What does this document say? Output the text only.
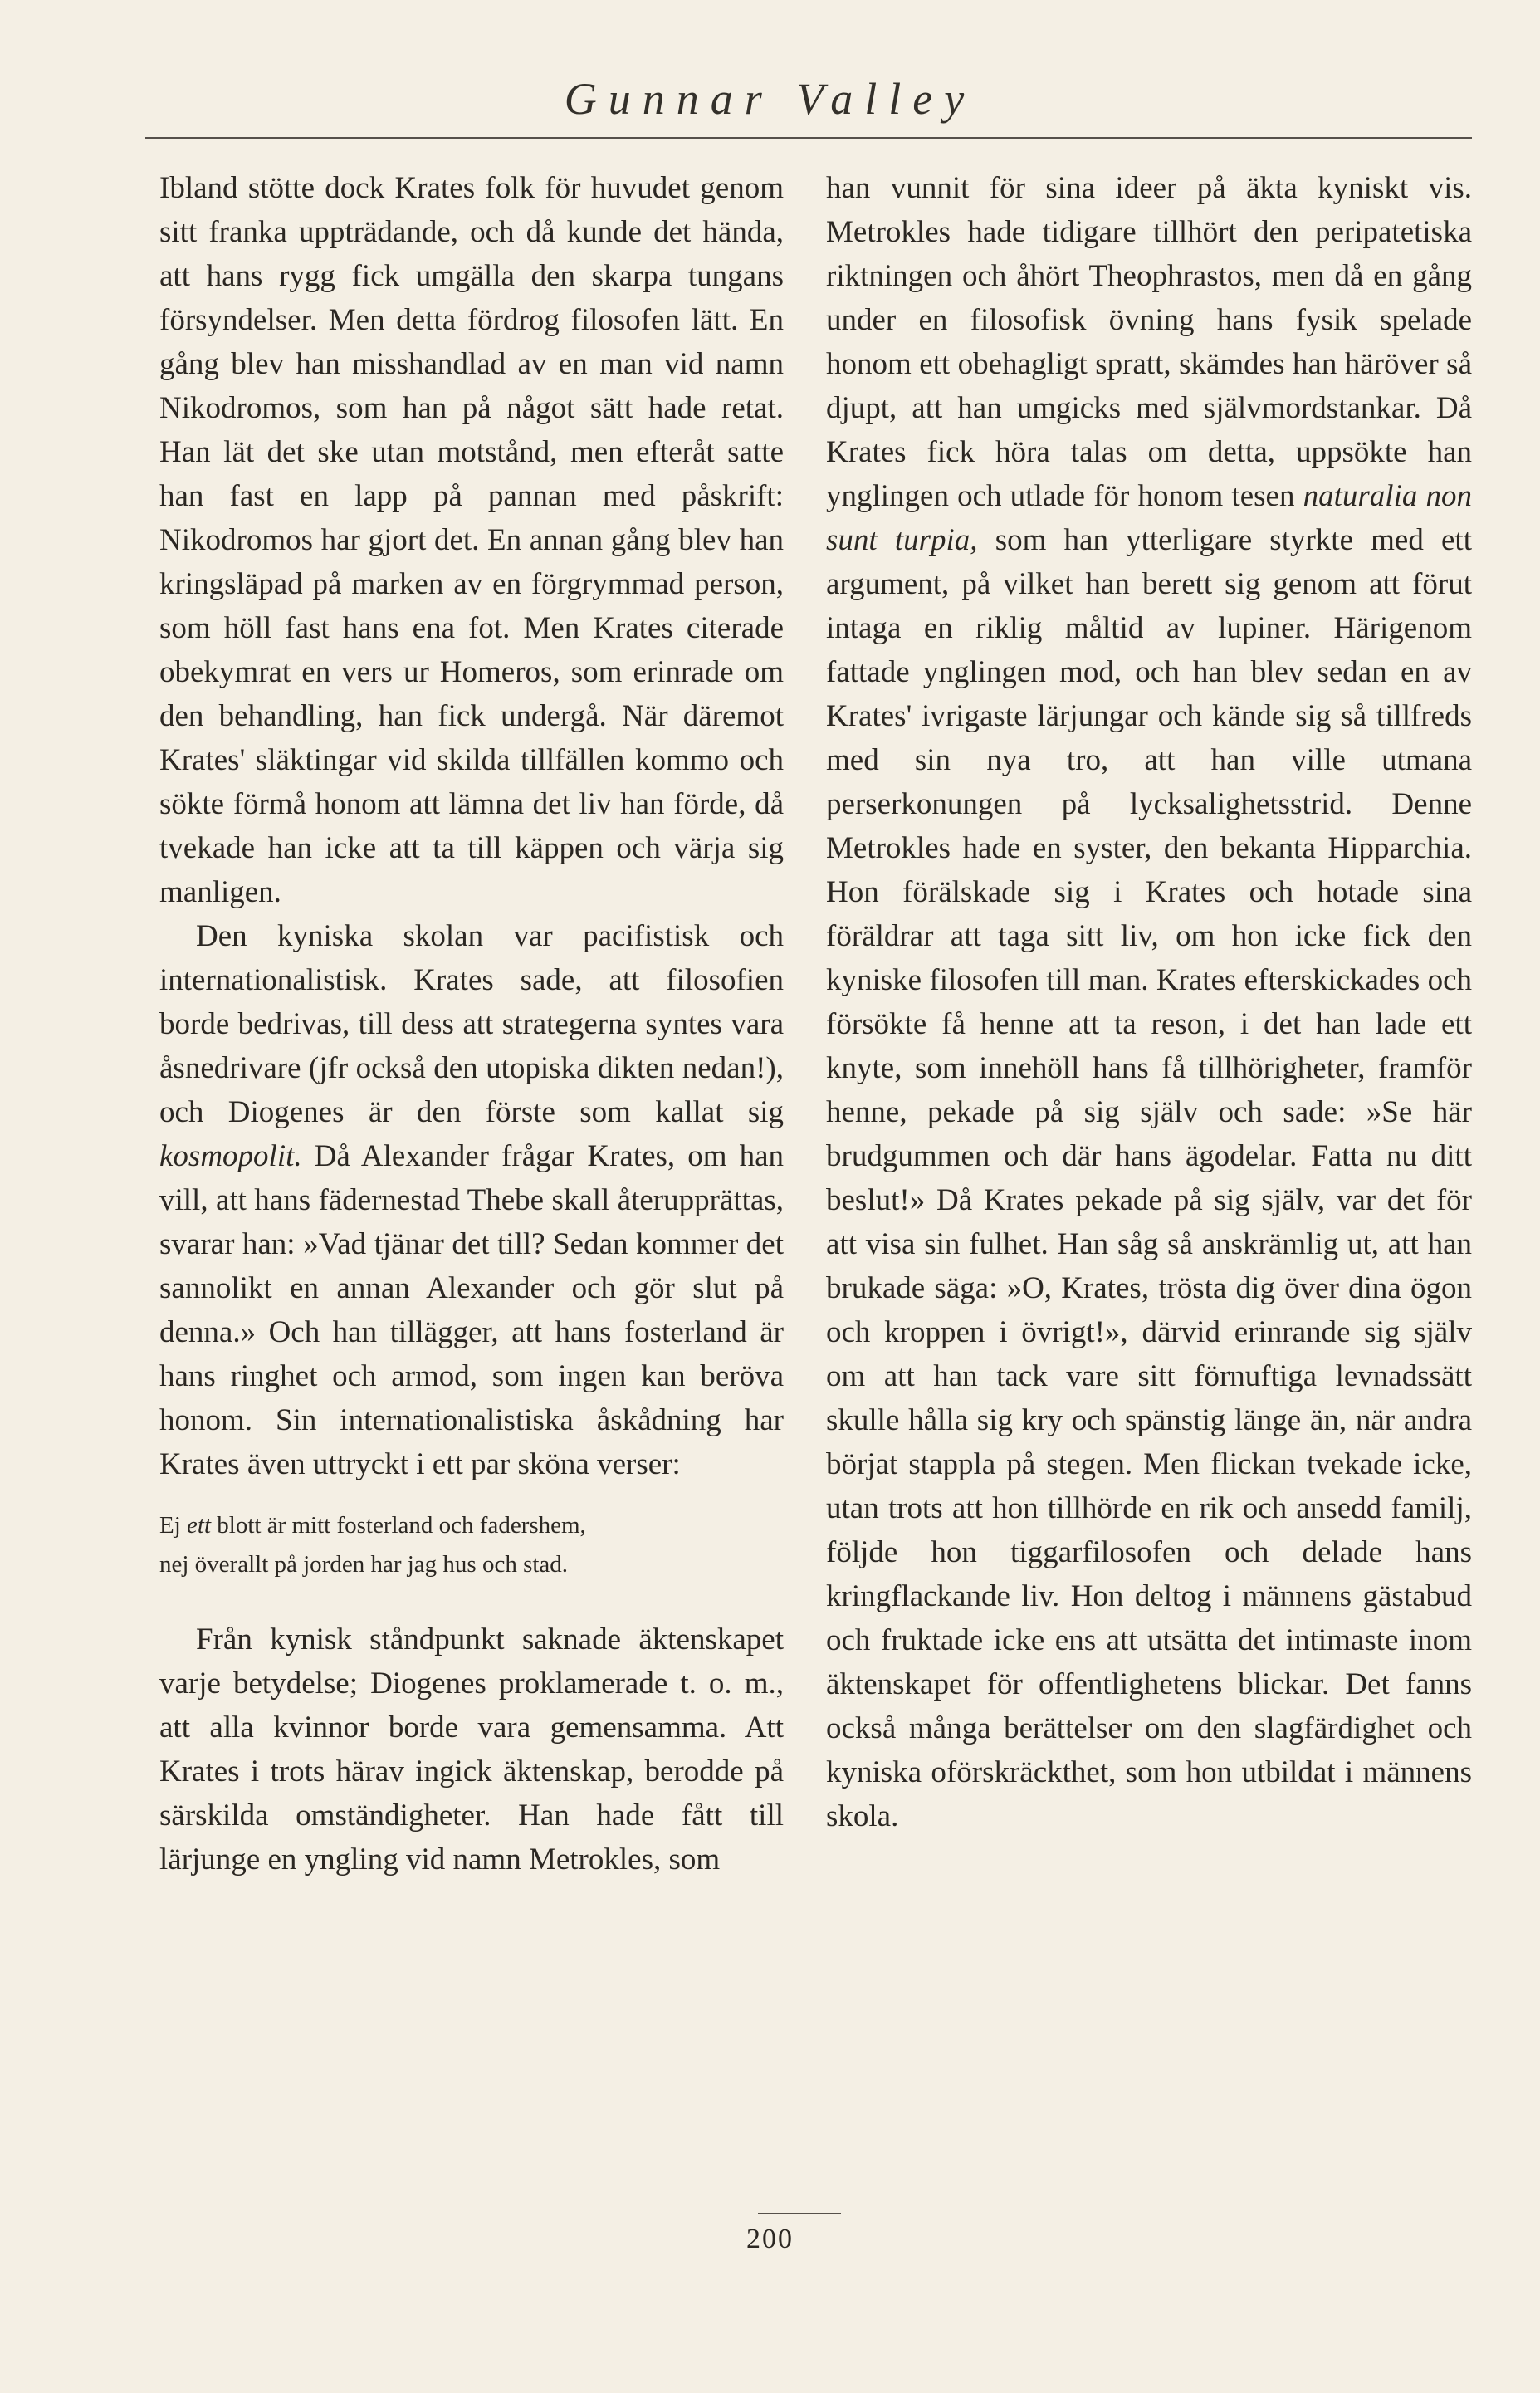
Gunnar Valley

Ibland stötte dock Krates folk för huvudet genom sitt franka uppträdande, och då kunde det hända, att hans rygg fick umgälla den skarpa tungans försyndelser. Men detta fördrog filosofen lätt. En gång blev han misshandlad av en man vid namn Nikodromos, som han på något sätt hade retat. Han lät det ske utan motstånd, men efteråt satte han fast en lapp på pannan med påskrift: Nikodromos har gjort det. En annan gång blev han kringsläpad på marken av en förgrymmad person, som höll fast hans ena fot. Men Krates citerade obekymrat en vers ur Homeros, som erinrade om den behandling, han fick undergå. När däremot Krates' släktingar vid skilda tillfällen kommo och sökte förmå honom att lämna det liv han förde, då tvekade han icke att ta till käppen och värja sig manligen.

Den kyniska skolan var pacifistisk och internationalistisk. Krates sade, att filosofien borde bedrivas, till dess att strategerna syntes vara åsnedrivare (jfr också den utopiska dikten nedan!), och Diogenes är den förste som kallat sig kosmopolit. Då Alexander frågar Krates, om han vill, att hans fädernestad Thebe skall återupprättas, svarar han: »Vad tjänar det till? Sedan kommer det sannolikt en annan Alexander och gör slut på denna.» Och han tillägger, att hans fosterland är hans ringhet och armod, som ingen kan beröva honom. Sin internationalistiska åskådning har Krates även uttryckt i ett par sköna verser:

Ej ett blott är mitt fosterland och fadershem,
nej överallt på jorden har jag hus och stad.

Från kynisk ståndpunkt saknade äktenskapet varje betydelse; Diogenes proklamerade t. o. m., att alla kvinnor borde vara gemensamma. Att Krates i trots härav ingick äktenskap, berodde på särskilda omständigheter. Han hade fått till lärjunge en yngling vid namn Metrokles, som

han vunnit för sina ideer på äkta kyniskt vis. Metrokles hade tidigare tillhört den peripatetiska riktningen och åhört Theophrastos, men då en gång under en filosofisk övning hans fysik spelade honom ett obehagligt spratt, skämdes han häröver så djupt, att han umgicks med självmordstankar. Då Krates fick höra talas om detta, uppsökte han ynglingen och utlade för honom tesen naturalia non sunt turpia, som han ytterligare styrkte med ett argument, på vilket han berett sig genom att förut intaga en riklig måltid av lupiner. Härigenom fattade ynglingen mod, och han blev sedan en av Krates' ivrigaste lärjungar och kände sig så tillfreds med sin nya tro, att han ville utmana perserkonungen på lycksalighetsstrid. Denne Metrokles hade en syster, den bekanta Hipparchia. Hon förälskade sig i Krates och hotade sina föräldrar att taga sitt liv, om hon icke fick den kyniske filosofen till man. Krates efterskickades och försökte få henne att ta reson, i det han lade ett knyte, som innehöll hans få tillhörigheter, framför henne, pekade på sig själv och sade: »Se här brudgummen och där hans ägodelar. Fatta nu ditt beslut!» Då Krates pekade på sig själv, var det för att visa sin fulhet. Han såg så anskrämlig ut, att han brukade säga: »O, Krates, trösta dig över dina ögon och kroppen i övrigt!», därvid erinrande sig själv om att han tack vare sitt förnuftiga levnadssätt skulle hålla sig kry och spänstig länge än, när andra börjat stappla på stegen. Men flickan tvekade icke, utan trots att hon tillhörde en rik och ansedd familj, följde hon tiggarfilosofen och delade hans kringflackande liv. Hon deltog i männens gästabud och fruktade icke ens att utsätta det intimaste inom äktenskapet för offentlighetens blickar. Det fanns också många berättelser om den slagfärdighet och kyniska oförskräckthet, som hon utbildat i männens skola.

200
